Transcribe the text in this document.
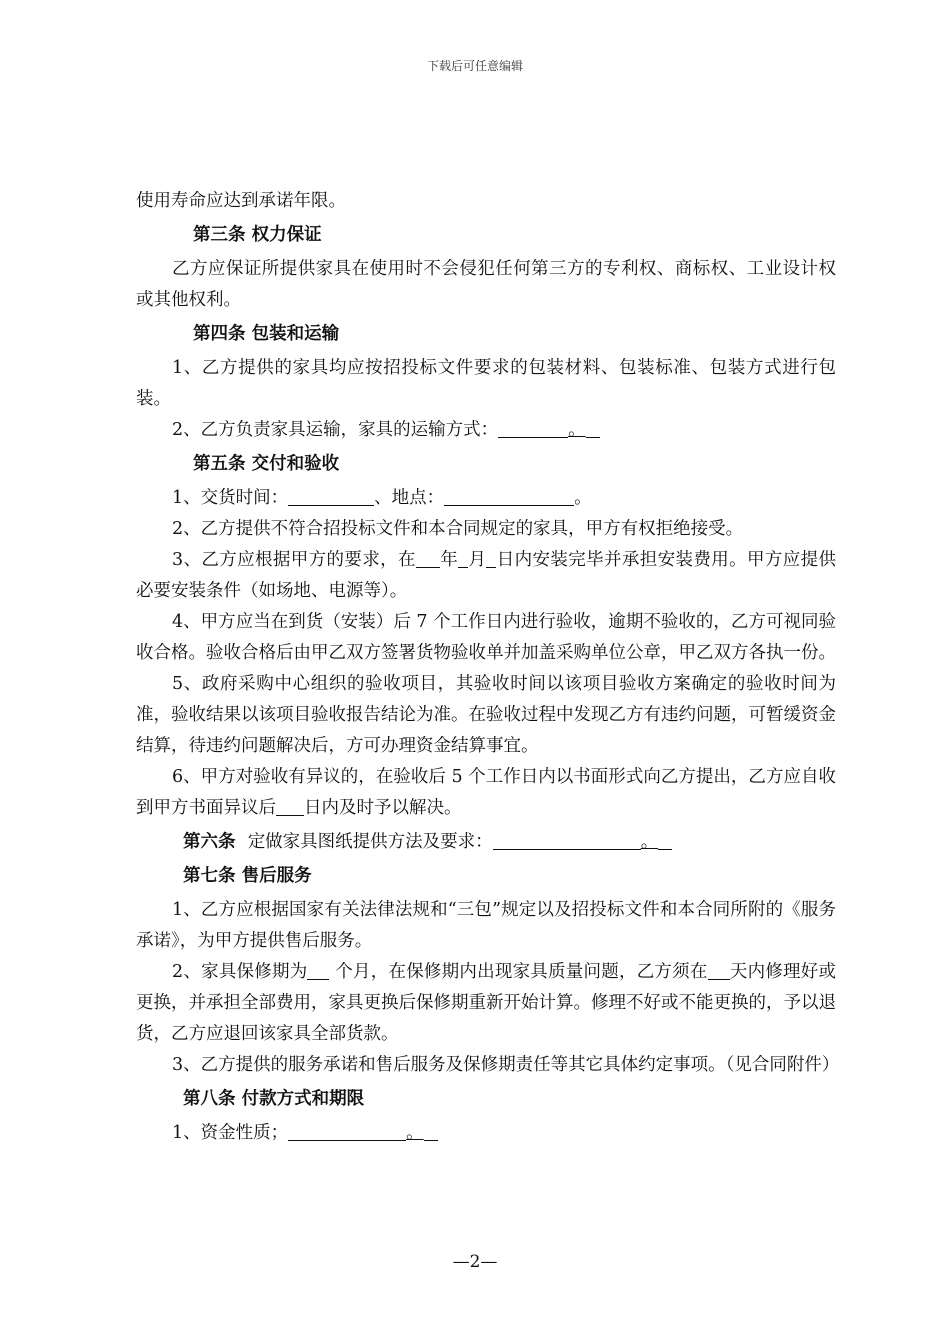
下载后可任意编辑

使用寿命应达到承诺年限。

第三条 权力保证

乙方应保证所提供家具在使用时不会侵犯任何第三方的专利权、商标权、工业设计权或其他权利。

第四条 包装和运输

1、乙方提供的家具均应按招投标文件要求的包装材料、包装标准、包装方式进行包装。

2、乙方负责家具运输，家具的运输方式：	。

第五条 交付和验收

1、交货时间：	、地点：	。

2、乙方提供不符合招投标文件和本合同规定的家具，甲方有权拒绝接受。

3、乙方应根据甲方的要求，在 年 月 日内安装完毕并承担安装费用。甲方应提供必要安装条件（如场地、电源等）。

4、甲方应当在到货（安装）后 7 个工作日内进行验收，逾期不验收的，乙方可视同验收合格。验收合格后由甲乙双方签署货物验收单并加盖采购单位公章，甲乙双方各执一份。

5、政府采购中心组织的验收项目，其验收时间以该项目验收方案确定的验收时间为准，验收结果以该项目验收报告结论为准。在验收过程中发现乙方有违约问题，可暂缓资金结算，待违约问题解决后，方可办理资金结算事宜。

6、甲方对验收有异议的，在验收后 5 个工作日内以书面形式向乙方提出，乙方应自收到甲方书面异议后 日内及时予以解决。

第六条 定做家具图纸提供方法及要求：	。

第七条 售后服务

1、乙方应根据国家有关法律法规和“三包”规定以及招投标文件和本合同所附的《服务承诺》，为甲方提供售后服务。

2、家具保修期为 个月，在保修期内出现家具质量问题，乙方须在 天内修理好或更换，并承担全部费用，家具更换后保修期重新开始计算。修理不好或不能更换的，予以退货，乙方应退回该家具全部货款。

3、乙方提供的服务承诺和售后服务及保修期责任等其它具体约定事项。（见合同附件）

第八条 付款方式和期限

1、资金性质；	。

—2—
